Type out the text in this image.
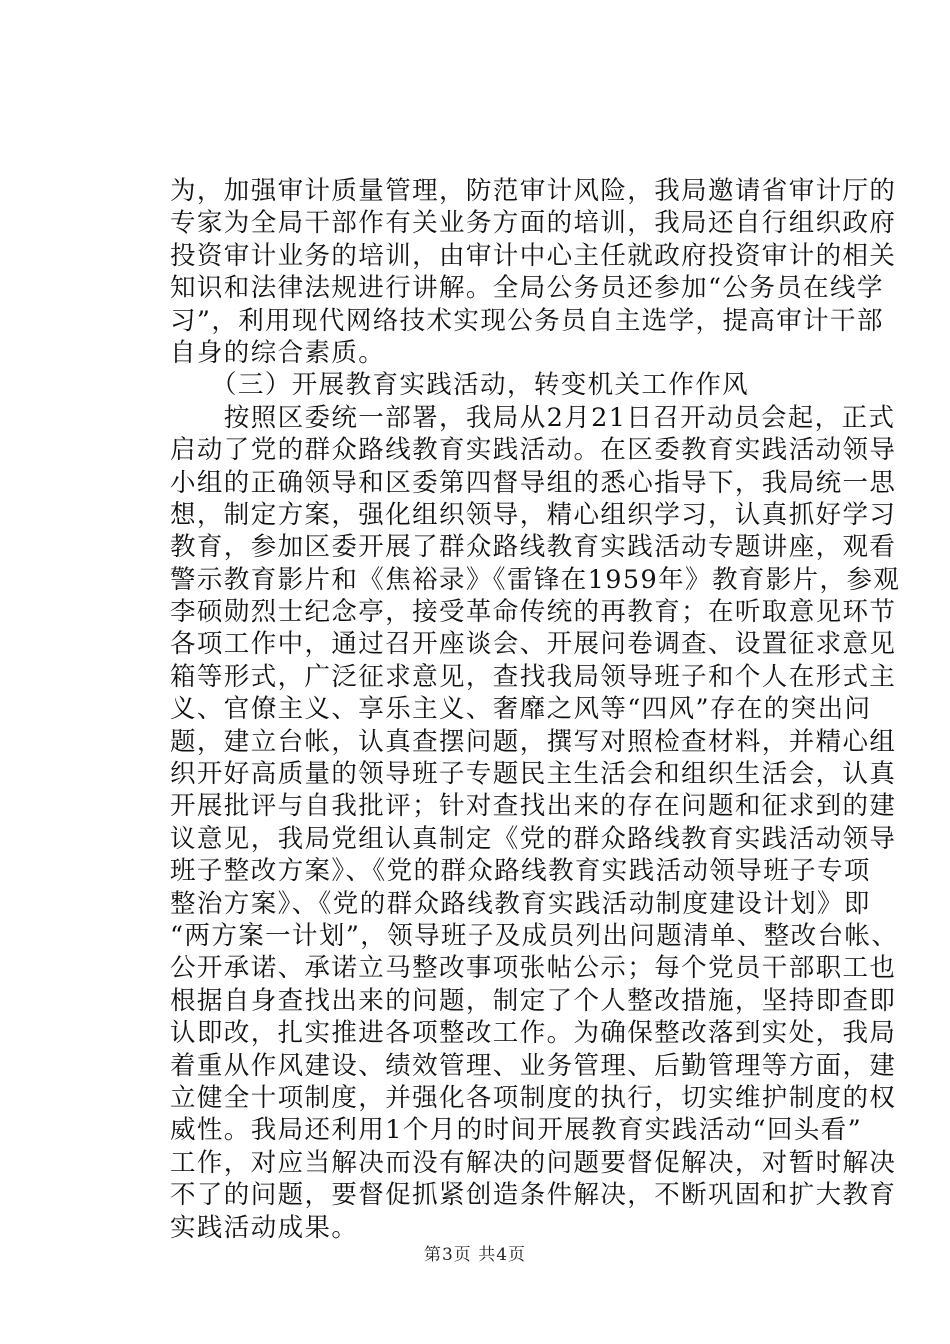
为，加强审计质量管理，防范审计风险，我局邀请省审计厅的
专家为全局干部作有关业务方面的培训，我局还自行组织政府
投资审计业务的培训，由审计中心主任就政府投资审计的相关
知识和法律法规进行讲解。全局公务员还参加“公务员在线学
习”，利用现代网络技术实现公务员自主选学，提高审计干部
自身的综合素质。
　　（三）开展教育实践活动，转变机关工作作风
　　按照区委统一部署，我局从2月21日召开动员会起，正式
启动了党的群众路线教育实践活动。在区委教育实践活动领导
小组的正确领导和区委第四督导组的悉心指导下，我局统一思
想，制定方案，强化组织领导，精心组织学习，认真抓好学习
教育，参加区委开展了群众路线教育实践活动专题讲座，观看
警示教育影片和《焦裕录》《雷锋在1959年》教育影片，参观
李硕勋烈士纪念亭，接受革命传统的再教育；在听取意见环节
各项工作中，通过召开座谈会、开展问卷调查、设置征求意见
箱等形式，广泛征求意见，查找我局领导班子和个人在形式主
义、官僚主义、享乐主义、奢靡之风等“四风”存在的突出问
题，建立台帐，认真查摆问题，撰写对照检查材料，并精心组
织开好高质量的领导班子专题民主生活会和组织生活会，认真
开展批评与自我批评；针对查找出来的存在问题和征求到的建
议意见，我局党组认真制定《党的群众路线教育实践活动领导
班子整改方案》、《党的群众路线教育实践活动领导班子专项
整治方案》、《党的群众路线教育实践活动制度建设计划》即
“两方案一计划”，领导班子及成员列出问题清单、整改台帐、
公开承诺、承诺立马整改事项张帖公示；每个党员干部职工也
根据自身查找出来的问题，制定了个人整改措施，坚持即查即
认即改，扎实推进各项整改工作。为确保整改落到实处，我局
着重从作风建设、绩效管理、业务管理、后勤管理等方面，建
立健全十项制度，并强化各项制度的执行，切实维护制度的权
威性。我局还利用1个月的时间开展教育实践活动“回头看”
工作，对应当解决而没有解决的问题要督促解决，对暂时解决
不了的问题，要督促抓紧创造条件解决，不断巩固和扩大教育
实践活动成果。
第3页 共4页
